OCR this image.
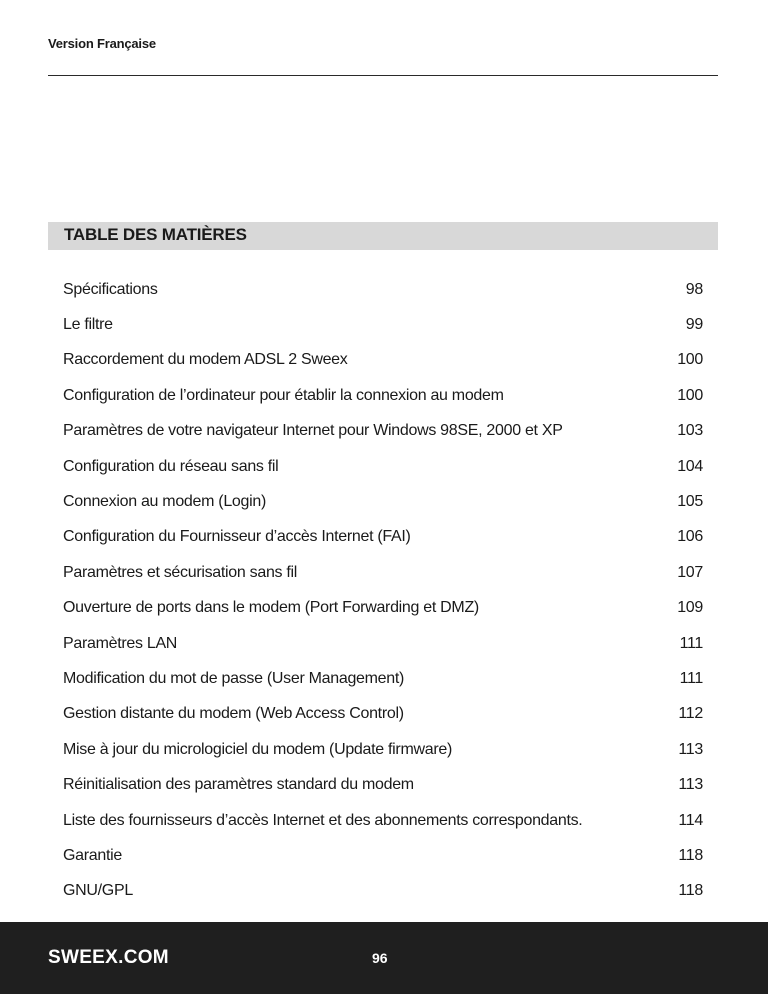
Version Française
TABLE DES MATIÈRES
Spécifications	98
Le filtre	99
Raccordement du modem ADSL 2 Sweex	100
Configuration de l’ordinateur pour établir la connexion au modem	100
Paramètres de votre navigateur Internet pour Windows 98SE, 2000 et XP	103
Configuration du réseau sans fil	104
Connexion au modem (Login)	105
Configuration du Fournisseur d’accès Internet (FAI)	106
Paramètres et sécurisation sans fil	107
Ouverture de ports dans le modem (Port Forwarding et DMZ)	109
Paramètres LAN	111
Modification du mot de passe (User Management)	111
Gestion distante du modem (Web Access Control)	112
Mise à jour du micrologiciel du modem (Update firmware)	113
Réinitialisation des paramètres standard du modem	113
Liste des fournisseurs d’accès Internet et des abonnements correspondants.	114
Garantie	118
GNU/GPL	118
SWEEX.COM	96
